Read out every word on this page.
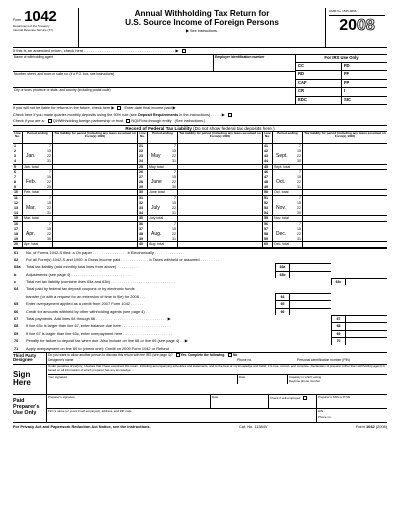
Form 1042
Department of the Treasury
Internal Revenue Service (77)
Annual Withholding Tax Return for
U.S. Source Income of Foreign Persons
▶ See instructions.
OMB No. 1545-0096
2008
If this is an amended return, check here . . . . . . . . . . . . . . . . . . . . . . . . . . . . . . . . . . . . . . . . . ▶
Name of withholding agent	Employer identification number
Number, street, and room or suite no. (if a P.O. box, see instructions)
City or town, province or state, and country (including postal code)
For IRS Use Only
CC	FD
RD	FF
CAF	FP
CR	I
EDC	SIC
If you will not be liable for returns in the future, check here ▶	Enter date final income paid ▶
Check here if you made quarter-monthly deposits using the 90% rule (see Deposit Requirements in the instructions) . . . . . ▶
Check if you are a: QI/Withholding foreign partnership or trust NQI/Flow-through entity (See instructions.)
Record of Federal Tax Liability (Do not show federal tax deposits here.)
Line No.
Period ending	Tax liability for period (including any taxes assumed on Form(s) 1000)
1	7
2	15
3	Jan.	22
4	31
5	Jan. total
6	7
7	15
8	Feb.	22
9	29
10	Feb. total
11	7
12	15
13	Mar.	22
14	31
15	Mar. total
16	7
17	15
18	Apr.	22
19	30
20	Apr. total
Line No.
Period ending	Tax liability for period (including any taxes assumed on Form(s) 1000)
21	7
22	15
23	May	22
24	31
25	May total
26	7
27	15
28	June	22
29	30
30	June total
31	7
32	15
33	July	22
34	31
35	July total
36	7
37	15
38	Aug.	22
39	31
40	Aug. total
Line No.
Period ending	Tax liability for period (including any taxes assumed on Form(s) 1000)
41	7
42	15
43	Sept.	22
44	30
45	Sept. total
46	7
47	15
48	Oct.	22
49	31
50	Oct. total
51	7
52	15
53	Nov.	22
54	30
55	Nov. total
56	7
57	15
58	Dec.	22
59	31
60	Dec. total
61	No. of Forms 1042-S filed: a On paper . . . . . . . . . . . . . . . . b Electronically . . . . . . . . . . . . . .
62	For all Form(s) 1042-S and 1000: a Gross income paid . . . . . . . . . . . . . b Taxes withheld or assumed . . . . . . . . .
63a	Total tax liability (add monthly total lines from above) . . . . . . . . . .	63a
b	Adjustments (see page 4) . . . . . . . . . . . . . . . . . . . . . . . . . . . .	63b
c	Total net tax liability (combine lines 63a and 63b) . . . . . . . . . . . . . . . . . . . . . . . . . . . . . .	63c
64	Total paid by federal tax deposit coupons or by electronic funds
transfer (or with a request for an extension of time to file) for 2008 . . .	64
65	Enter overpayment applied as a credit from 2007 Form 1042 . . . . . .	65
66	Credit for amounts withheld by other withholding agents (see page 4) . .	66
67	Total payments. Add lines 64 through 66 . . . . . . . . . . . . . . . . . . . . . . . . . . . . . . . . . ▶	67
68	If line 63c is larger than line 67, enter balance due here . . . . . . . . . . . . . . . . . . . . . . .	68
69	If line 67 is larger than line 63c, enter overpayment here . . . . . . . . . . . . . . . . . . . . . . .	69
70	Penalty for failure to deposit tax when due. Also include on line 68 or line 69 (see page 4) . . ▶	70
71	Apply overpayment on line 69 to (check one): Credit on 2009 Form 1042 or Refund
Third Party
Designee
Do you want to allow another person to discuss this return with the IRS (see page 4)? Yes. Complete the following. No
Designee's name	Phone no.	Personal identification number (PIN)
Sign
Here
Under penalties of perjury, I declare that I have examined this return, including accompanying schedules and statements, and to the best of my knowledge and belief, it is true, correct, and complete. Declaration of preparer (other than withholding agent) is based on all information of which preparer has any knowledge.
Your signature	Date	Capacity in which acting
Daytime phone number
Paid
Preparer's
Use Only
Preparer's signature	Date	Check if self-employed	Preparer's SSN or PTIN
Firm's name (or yours if self-employed), address, and ZIP code	EIN
Phone no.
For Privacy Act and Paperwork Reduction Act Notice, see the instructions.	Cat. No. 11384V	Form 1042 (2008)
